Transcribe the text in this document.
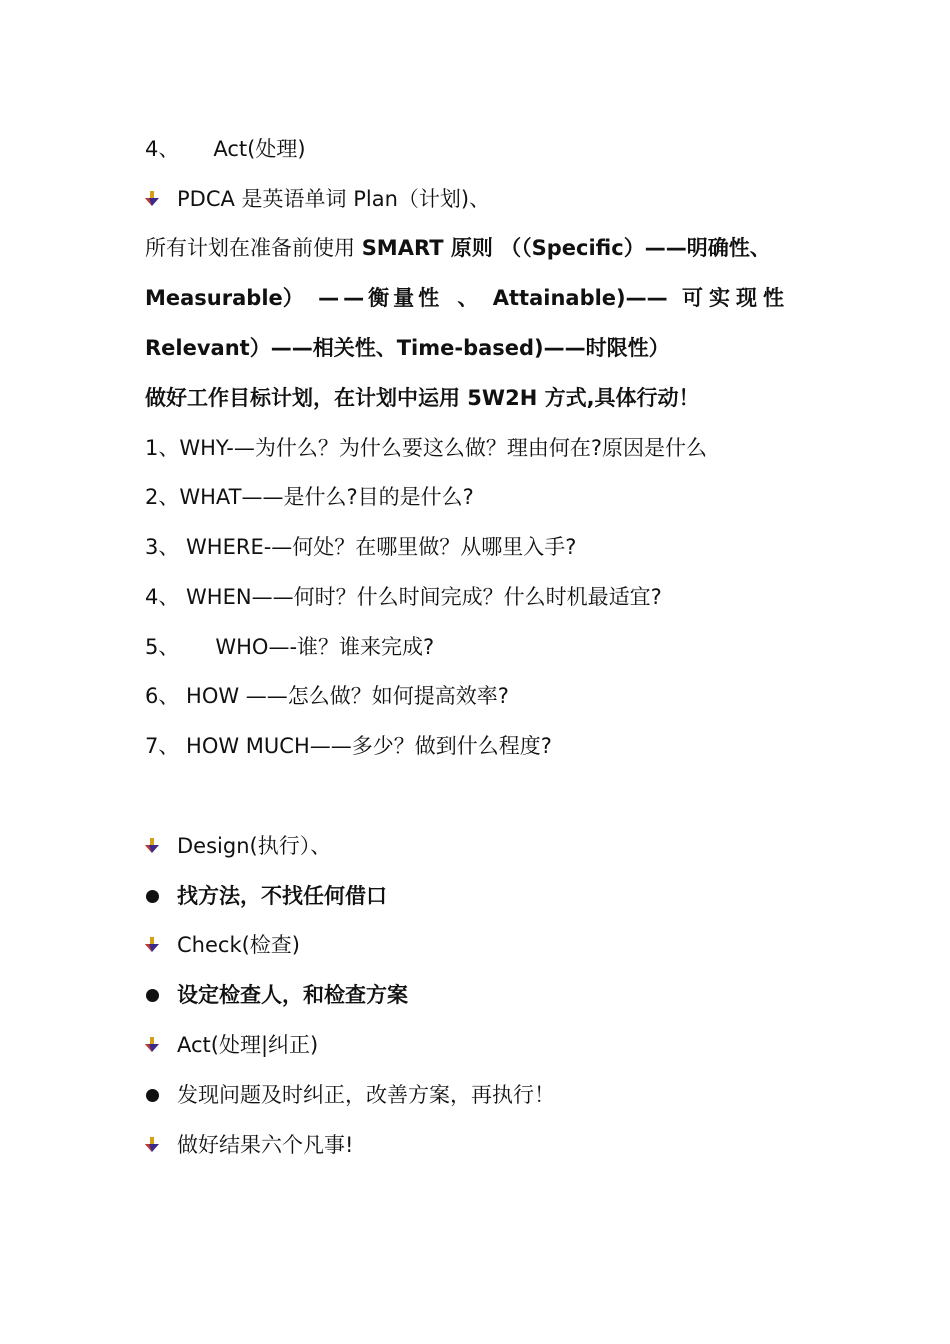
4、 Act(处理)
PDCA 是英语单词 Plan（计划)、
所有计划在准备前使用 SMART 原则 （（Specific）——明确性、
Measurable） ——衡量性 、 Attainable)—— 可实现性
Relevant）——相关性、Time-based)——时限性）
做好工作目标计划，在计划中运用 5W2H 方式,具体行动！
1、WHY-—为什么？为什么要这么做？理由何在?原因是什么
2、WHAT——是什么?目的是什么?
3、 WHERE-—何处？在哪里做？从哪里入手?
4、 WHEN——何时？什么时间完成？什么时机最适宜?
5、 WHO—-谁？谁来完成?
6、 HOW ——怎么做？如何提高效率?
7、 HOW MUCH——多少？做到什么程度?
Design(执行）、
找方法，不找任何借口
Check(检查)
设定检查人，和检查方案
Act(处理|纠正)
发现问题及时纠正，改善方案，再执行！
做好结果六个凡事!
